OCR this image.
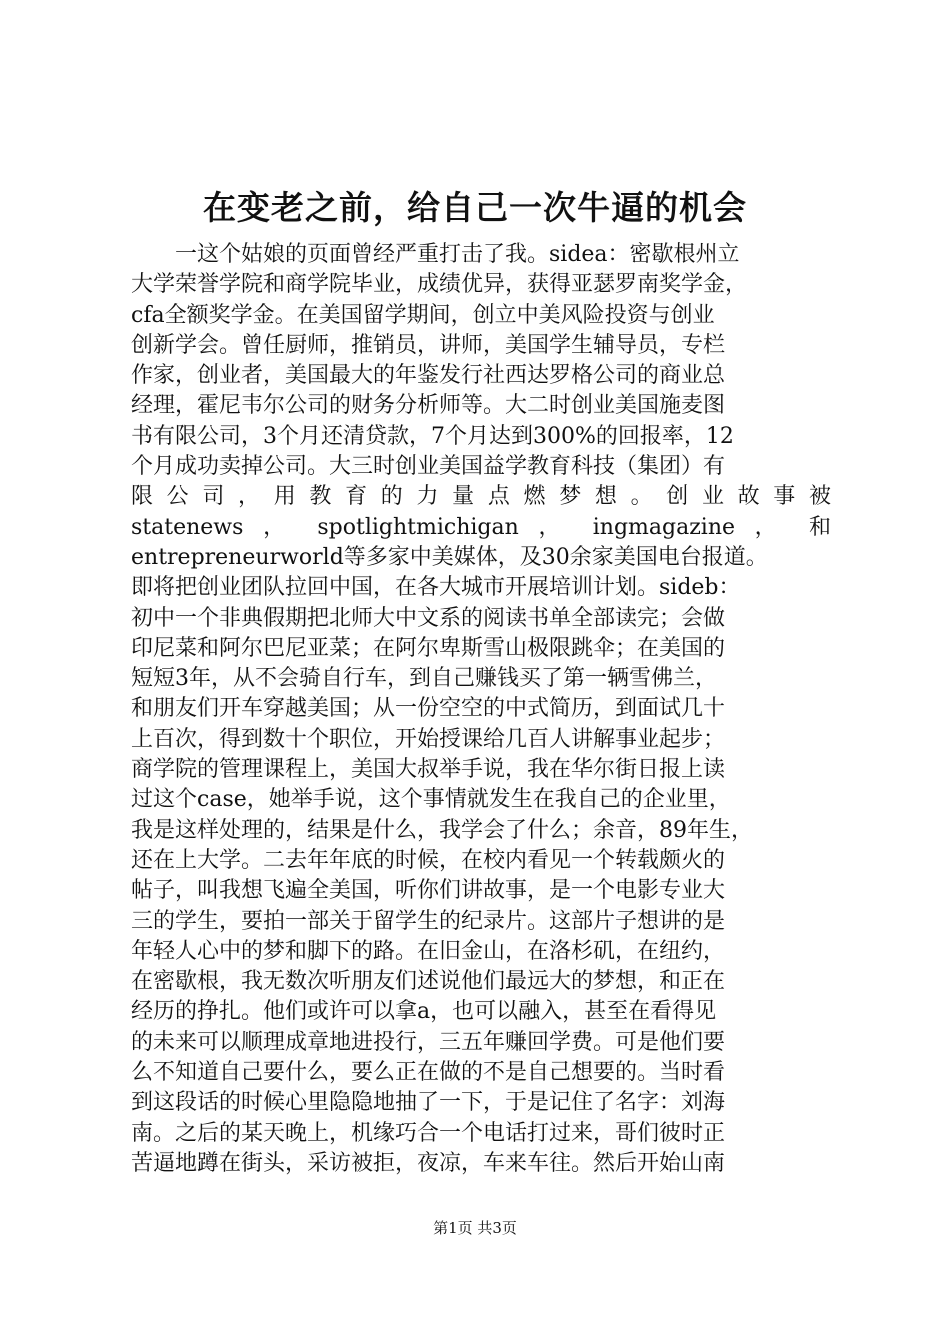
在变老之前，给自己一次牛逼的机会
一这个姑娘的页面曾经严重打击了我。sidea：密歇根州立
大学荣誉学院和商学院毕业，成绩优异，获得亚瑟罗南奖学金，
cfa全额奖学金。在美国留学期间，创立中美风险投资与创业
创新学会。曾任厨师，推销员，讲师，美国学生辅导员，专栏
作家，创业者，美国最大的年鉴发行社西达罗格公司的商业总
经理，霍尼韦尔公司的财务分析师等。大二时创业美国施麦图
书有限公司，3个月还清贷款，7个月达到300%的回报率，12
个月成功卖掉公司。大三时创业美国益学教育科技（集团）有
限 公 司 ， 用 教 育 的 力 量 点 燃 梦 想 。 创 业 故 事 被
statenews ， spotlightmichigan ， ingmagazine ， 和
entrepreneurworld等多家中美媒体，及30余家美国电台报道。
即将把创业团队拉回中国，在各大城市开展培训计划。sideb：
初中一个非典假期把北师大中文系的阅读书单全部读完；会做
印尼菜和阿尔巴尼亚菜；在阿尔卑斯雪山极限跳伞；在美国的
短短3年，从不会骑自行车，到自己赚钱买了第一辆雪佛兰，
和朋友们开车穿越美国；从一份空空的中式简历，到面试几十
上百次，得到数十个职位，开始授课给几百人讲解事业起步；
商学院的管理课程上，美国大叔举手说，我在华尔街日报上读
过这个case，她举手说，这个事情就发生在我自己的企业里，
我是这样处理的，结果是什么，我学会了什么；余音，89年生，
还在上大学。二去年年底的时候，在校内看见一个转载颇火的
帖子，叫我想飞遍全美国，听你们讲故事，是一个电影专业大
三的学生，要拍一部关于留学生的纪录片。这部片子想讲的是
年轻人心中的梦和脚下的路。在旧金山，在洛杉矶，在纽约，
在密歇根，我无数次听朋友们述说他们最远大的梦想，和正在
经历的挣扎。他们或许可以拿a，也可以融入，甚至在看得见
的未来可以顺理成章地进投行，三五年赚回学费。可是他们要
么不知道自己要什么，要么正在做的不是自己想要的。当时看
到这段话的时候心里隐隐地抽了一下，于是记住了名字：刘海
南。之后的某天晚上，机缘巧合一个电话打过来，哥们彼时正
苦逼地蹲在街头，采访被拒，夜凉，车来车往。然后开始山南
第1页 共3页
